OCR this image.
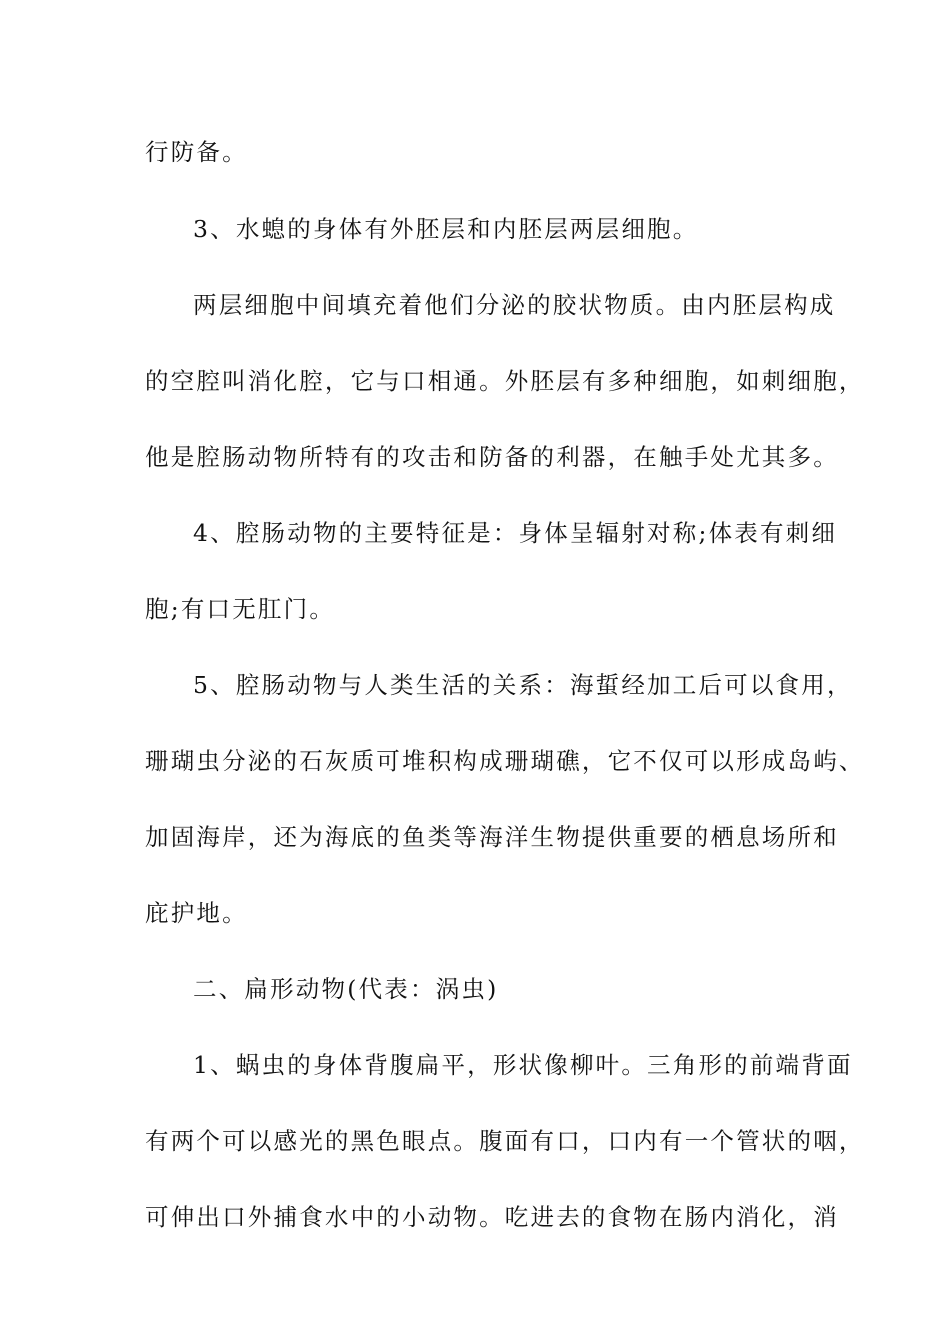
行防备。
3、水螅的身体有外胚层和内胚层两层细胞。
两层细胞中间填充着他们分泌的胶状物质。由内胚层构成
的空腔叫消化腔，它与口相通。外胚层有多种细胞，如刺细胞，
他是腔肠动物所特有的攻击和防备的利器，在触手处尤其多。
4、腔肠动物的主要特征是：身体呈辐射对称;体表有刺细
胞;有口无肛门。
5、腔肠动物与人类生活的关系：海蜇经加工后可以食用，
珊瑚虫分泌的石灰质可堆积构成珊瑚礁，它不仅可以形成岛屿、
加固海岸，还为海底的鱼类等海洋生物提供重要的栖息场所和
庇护地。
二、扁形动物(代表：涡虫)
1、蜗虫的身体背腹扁平，形状像柳叶。三角形的前端背面
有两个可以感光的黑色眼点。腹面有口，口内有一个管状的咽，
可伸出口外捕食水中的小动物。吃进去的食物在肠内消化，消
